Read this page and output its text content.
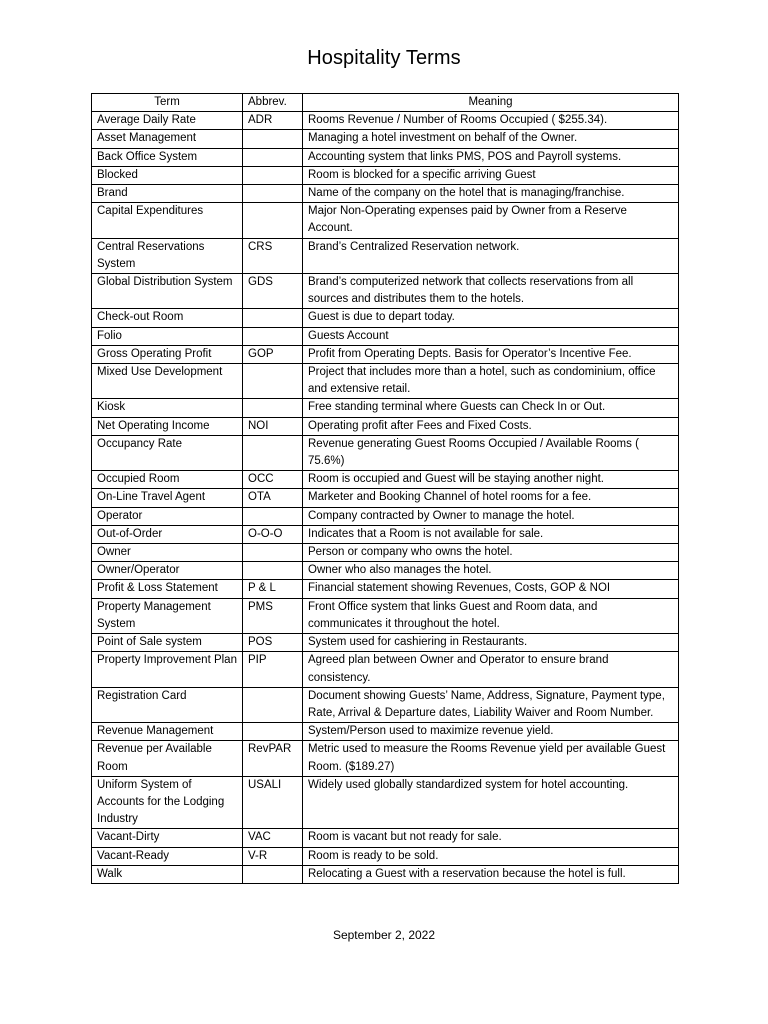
Hospitality Terms
Term	Abbrev.	Meaning
Average Daily Rate	ADR	Rooms Revenue / Number of Rooms Occupied ( $255.34).
Asset Management		Managing a hotel investment on behalf of the Owner.
Back Office System		Accounting system that links PMS, POS and Payroll systems.
Blocked		Room is blocked for a specific arriving Guest
Brand		Name of the company on the hotel that is managing/franchise.
Capital Expenditures		Major Non-Operating expenses paid by Owner from a Reserve Account.
Central Reservations System	CRS	Brand’s Centralized Reservation network.
Global Distribution System	GDS	Brand’s computerized network that collects reservations from all sources and distributes them to the hotels.
Check-out Room		Guest is due to depart today.
Folio		Guests Account
Gross Operating Profit	GOP	Profit from Operating Depts. Basis for Operator’s Incentive Fee.
Mixed Use Development		Project that includes more than a hotel, such as condominium, office and extensive retail.
Kiosk		Free standing terminal where Guests can Check In or Out.
Net Operating Income	NOI	Operating profit after Fees and Fixed Costs.
Occupancy Rate		Revenue generating Guest Rooms Occupied / Available Rooms ( 75.6%)
Occupied Room	OCC	Room is occupied and Guest will be staying another night.
On-Line Travel Agent	OTA	Marketer and Booking Channel of hotel rooms for a fee.
Operator		Company contracted by Owner to manage the hotel.
Out-of-Order	O-O-O	Indicates that a Room is not available for sale.
Owner		Person or company who owns the hotel.
Owner/Operator		Owner who also manages the hotel.
Profit & Loss Statement	P & L	Financial statement showing Revenues, Costs, GOP & NOI
Property Management System	PMS	Front Office system that links Guest and Room data, and communicates it throughout the hotel.
Point of Sale system	POS	System used for cashiering in Restaurants.
Property Improvement Plan	PIP	Agreed plan between Owner and Operator to ensure brand consistency.
Registration Card		Document showing Guests’ Name, Address, Signature, Payment type, Rate, Arrival & Departure dates, Liability Waiver and Room Number.
Revenue Management		System/Person used to maximize revenue yield.
Revenue per Available Room	RevPAR	Metric used to measure the Rooms Revenue yield per available Guest Room. ($189.27)
Uniform System of Accounts for the Lodging Industry	USALI	Widely used globally standardized system for hotel accounting.
Vacant-Dirty	VAC	Room is vacant but not ready for sale.
Vacant-Ready	V-R	Room is ready to be sold.
Walk		Relocating a Guest with a reservation because the hotel is full.
September 2, 2022
